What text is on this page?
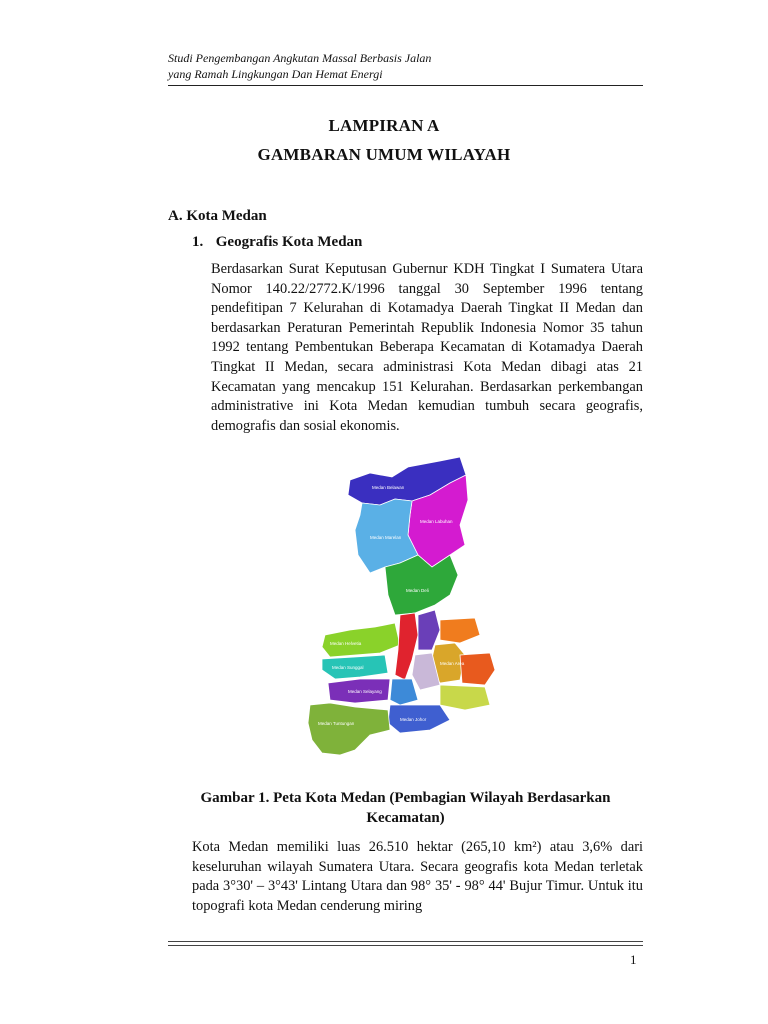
Studi Pengembangan Angkutan Massal Berbasis Jalan
yang Ramah Lingkungan Dan Hemat Energi
LAMPIRAN A
GAMBARAN UMUM WILAYAH
A. Kota Medan
1. Geografis Kota Medan
Berdasarkan Surat Keputusan Gubernur KDH Tingkat I Sumatera Utara Nomor 140.22/2772.K/1996 tanggal 30 September 1996 tentang pendefitipan 7 Kelurahan di Kotamadya Daerah Tingkat II Medan dan berdasarkan Peraturan Pemerintah Republik Indonesia Nomor 35 tahun 1992 tentang Pembentukan Beberapa Kecamatan di Kotamadya Daerah Tingkat II Medan, secara administrasi Kota Medan dibagi atas 21 Kecamatan yang mencakup 151 Kelurahan. Berdasarkan perkembangan administrative ini Kota Medan kemudian tumbuh secara geografis, demografis dan sosial ekonomis.
Medan Belawan
Medan Labuhan
Medan Marelan
Medan Deli
Medan Helvetia
Medan Sunggal
Medan Selayang
Medan Tuntungan
Medan Johor
Medan Area
Gambar 1. Peta Kota Medan (Pembagian Wilayah Berdasarkan
Kecamatan)
Kota Medan memiliki luas 26.510 hektar (265,10 km²) atau 3,6% dari keseluruhan wilayah Sumatera Utara. Secara geografis kota Medan terletak pada 3°30' – 3°43' Lintang Utara dan 98° 35' - 98° 44' Bujur Timur. Untuk itu topografi kota Medan cenderung miring
1
